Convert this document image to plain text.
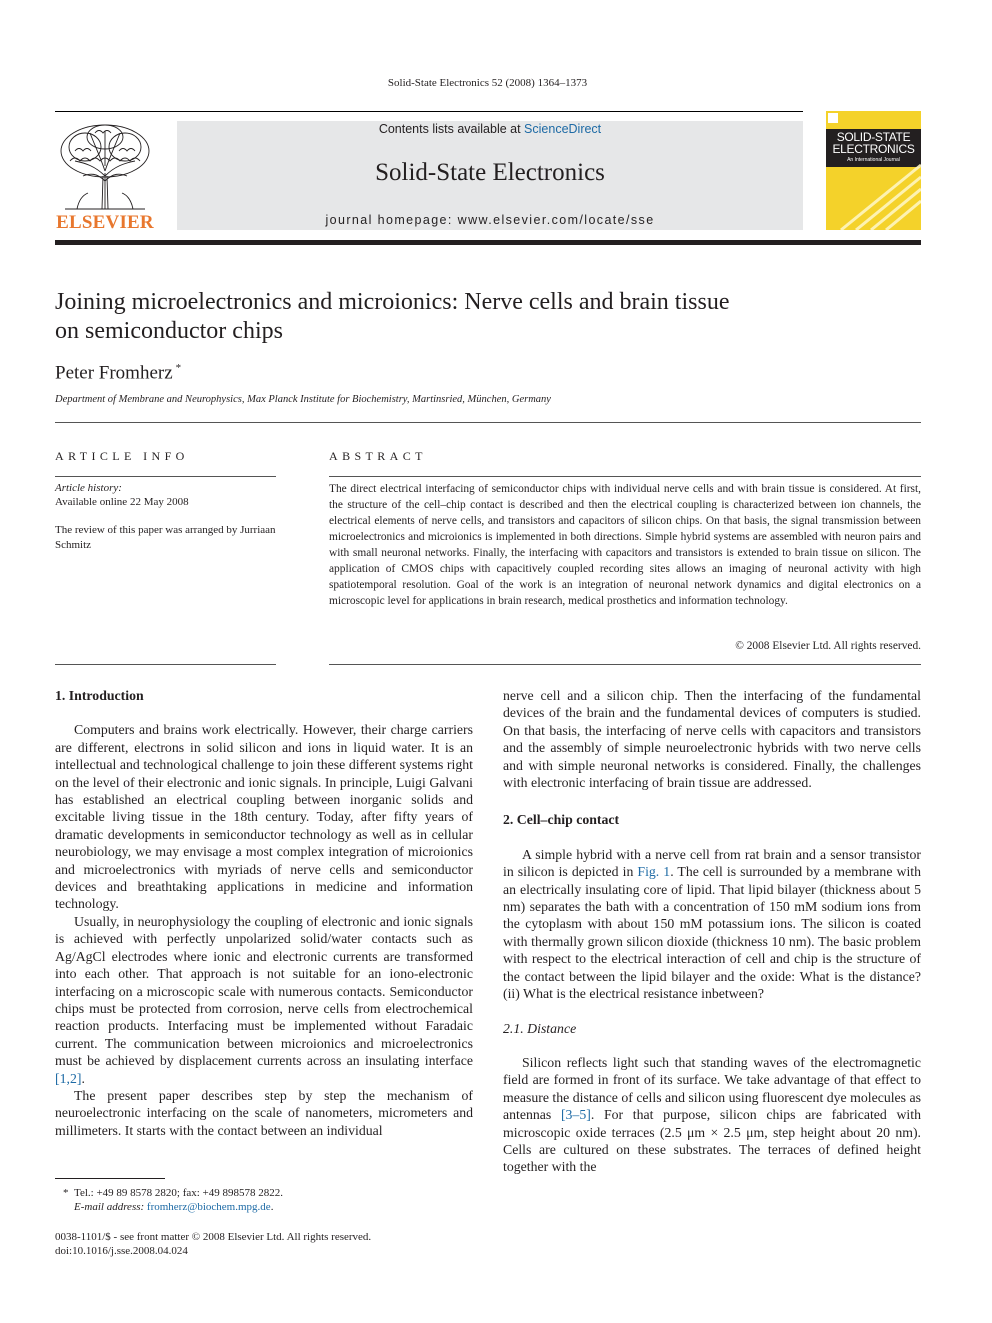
Solid-State Electronics 52 (2008) 1364–1373
ELSEVIER
Contents lists available at ScienceDirect
Solid-State Electronics
journal homepage: www.elsevier.com/locate/sse
SOLID-STATE ELECTRONICS
An International Journal
Joining microelectronics and microionics: Nerve cells and brain tissue
on semiconductor chips
Peter Fromherz *
Department of Membrane and Neurophysics, Max Planck Institute for Biochemistry, Martinsried, München, Germany
ARTICLE INFO	ABSTRACT
Article history:
Available online 22 May 2008
The review of this paper was arranged by Jurriaan Schmitz
The direct electrical interfacing of semiconductor chips with individual nerve cells and with brain tissue is considered. At first, the structure of the cell–chip contact is described and then the electrical coupling is characterized between ion channels, the electrical elements of nerve cells, and transistors and capacitors of silicon chips. On that basis, the signal transmission between microelectronics and microionics is implemented in both directions. Simple hybrid systems are assembled with neuron pairs and with small neuronal networks. Finally, the interfacing with capacitors and transistors is extended to brain tissue on silicon. The application of CMOS chips with capacitively coupled recording sites allows an imaging of neuronal activity with high spatiotemporal resolution. Goal of the work is an integration of neuronal network dynamics and digital electronics on a microscopic level for applications in brain research, medical prosthetics and information technology.
© 2008 Elsevier Ltd. All rights reserved.
1. Introduction

Computers and brains work electrically. However, their charge carriers are different, electrons in solid silicon and ions in liquid water. It is an intellectual and technological challenge to join these different systems right on the level of their electronic and ionic signals. In principle, Luigi Galvani has established an electrical coupling between inorganic solids and excitable living tissue in the 18th century. Today, after fifty years of dramatic developments in semiconductor technology as well as in cellular neurobiology, we may envisage a most complex integration of microionics and microelectronics with myriads of nerve cells and semiconductor devices and breathtaking applications in medicine and information technology.

Usually, in neurophysiology the coupling of electronic and ionic signals is achieved with perfectly unpolarized solid/water contacts such as Ag/AgCl electrodes where ionic and electronic currents are transformed into each other. That approach is not suitable for an iono-electronic interfacing on a microscopic scale with numerous contacts. Semiconductor chips must be protected from corrosion, nerve cells from electrochemical reaction products. Interfacing must be implemented without Faradaic current. The communication between microionics and microelectronics must be achieved by displacement currents across an insulating interface [1,2].

The present paper describes step by step the mechanism of neuroelectronic interfacing on the scale of nanometers, micrometers and millimeters. It starts with the contact between an individual

nerve cell and a silicon chip. Then the interfacing of the fundamental devices of the brain and the fundamental devices of computers is studied. On that basis, the interfacing of nerve cells with capacitors and transistors and the assembly of simple neuroelectronic hybrids with two nerve cells and with simple neuronal networks is considered. Finally, the challenges with electronic interfacing of brain tissue are addressed.

2. Cell–chip contact

A simple hybrid with a nerve cell from rat brain and a sensor transistor in silicon is depicted in Fig. 1. The cell is surrounded by a membrane with an electrically insulating core of lipid. That lipid bilayer (thickness about 5 nm) separates the bath with a concentration of 150 mM sodium ions from the cytoplasm with about 150 mM potassium ions. The silicon is coated with thermally grown silicon dioxide (thickness 10 nm). The basic problem with respect to the electrical interaction of cell and chip is the structure of the contact between the lipid bilayer and the oxide: What is the distance? (ii) What is the electrical resistance inbetween?

2.1. Distance

Silicon reflects light such that standing waves of the electromagnetic field are formed in front of its surface. We take advantage of that effect to measure the distance of cells and silicon using fluorescent dye molecules as antennas [3–5]. For that purpose, silicon chips are fabricated with microscopic oxide terraces (2.5 μm × 2.5 μm, step height about 20 nm). Cells are cultured on these substrates. The terraces of defined height together with the

* Tel.: +49 89 8578 2820; fax: +49 898578 2822.
E-mail address: fromherz@biochem.mpg.de.
0038-1101/$ - see front matter © 2008 Elsevier Ltd. All rights reserved.
doi:10.1016/j.sse.2008.04.024
